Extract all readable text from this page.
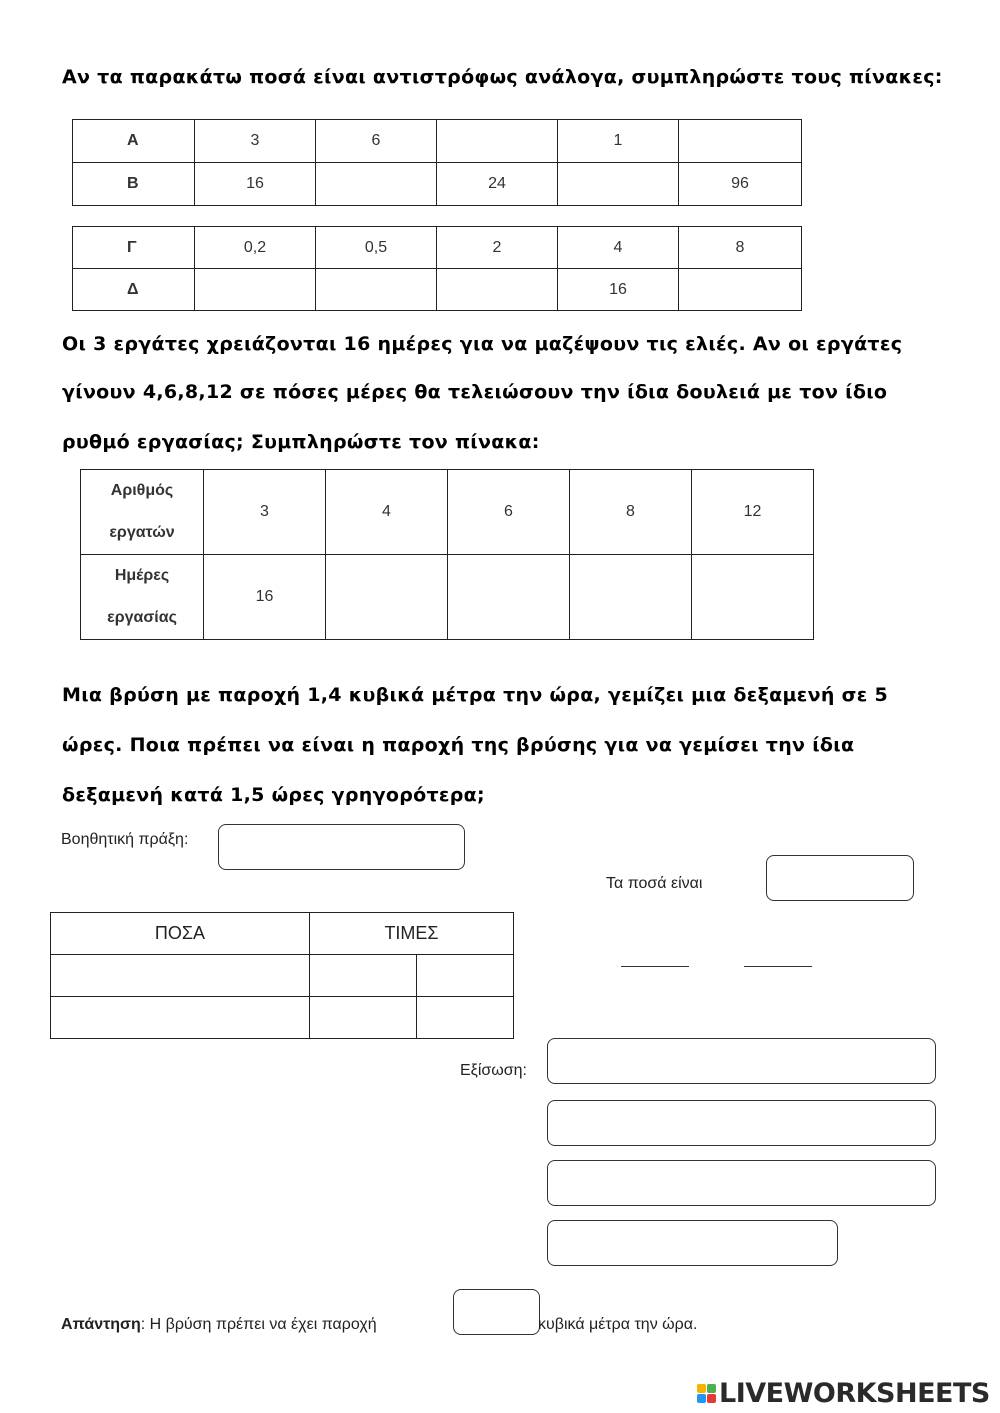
Αν τα παρακάτω ποσά είναι αντιστρόφως ανάλογα, συμπληρώστε τους πίνακες:
Α	3	6		1	
Β	16		24		96
Γ	0,2	0,5	2	4	8
Δ				16	
Οι 3 εργάτες χρειάζονται 16 ημέρες για να μαζέψουν τις ελιές. Αν οι εργάτες
γίνουν 4,6,8,12 σε πόσες μέρες θα τελειώσουν την ίδια δουλειά με τον ίδιο
ρυθμό εργασίας; Συμπληρώστε τον πίνακα:
Αριθμός
εργατών	3	4	6	8	12

Ημέρες
εργασίας	16				
Μια βρύση με παροχή 1,4 κυβικά μέτρα την ώρα, γεμίζει μια δεξαμενή σε 5
ώρες. Ποια πρέπει να είναι η παροχή της βρύσης για να γεμίσει την ίδια
δεξαμενή κατά 1,5 ώρες γρηγορότερα;
Βοηθητική πράξη:
Τα ποσά είναι
ΠΟΣΑ	ΤΙΜΕΣ	

Εξίσωση:
Απάντηση: Η βρύση πρέπει να έχει παροχή	κυβικά μέτρα την ώρα.
LIVEWORKSHEETS
